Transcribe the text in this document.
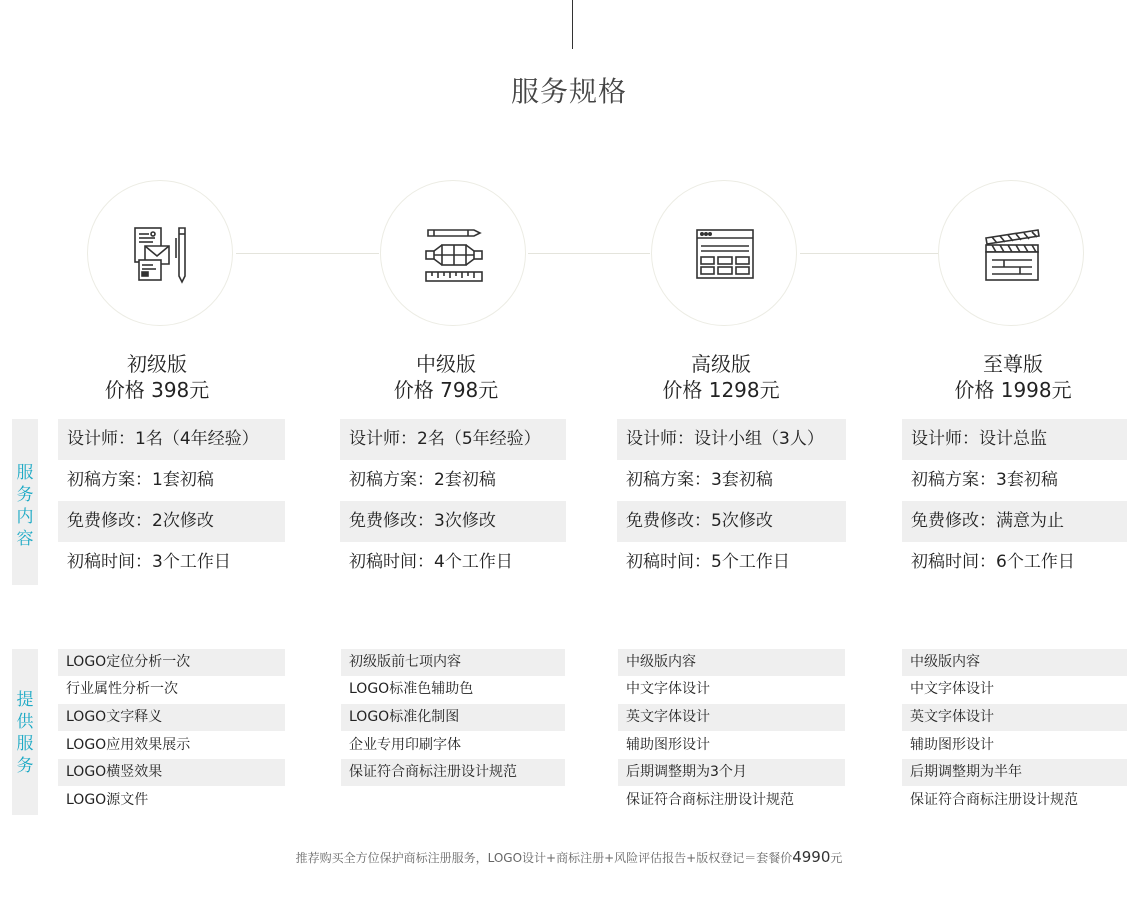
服务规格
初级版
价格 398元
中级版
价格 798元
高级版
价格 1298元
至尊版
价格 1998元
服务内容
提供服务
设计师：1名（4年经验）
初稿方案：1套初稿
免费修改：2次修改
初稿时间：3个工作日
设计师：2名（5年经验）
初稿方案：2套初稿
免费修改：3次修改
初稿时间：4个工作日
设计师：设计小组（3人）
初稿方案：3套初稿
免费修改：5次修改
初稿时间：5个工作日
设计师：设计总监
初稿方案：3套初稿
免费修改：满意为止
初稿时间：6个工作日
LOGO定位分析一次
行业属性分析一次
LOGO文字释义
LOGO应用效果展示
LOGO横竖效果
LOGO源文件
初级版前七项内容
LOGO标准色辅助色
LOGO标准化制图
企业专用印刷字体
保证符合商标注册设计规范
中级版内容
中文字体设计
英文字体设计
辅助图形设计
后期调整期为3个月
保证符合商标注册设计规范
中级版内容
中文字体设计
英文字体设计
辅助图形设计
后期调整期为半年
保证符合商标注册设计规范
推荐购买全方位保护商标注册服务，LOGO设计+商标注册+风险评估报告+版权登记＝套餐价4990元
